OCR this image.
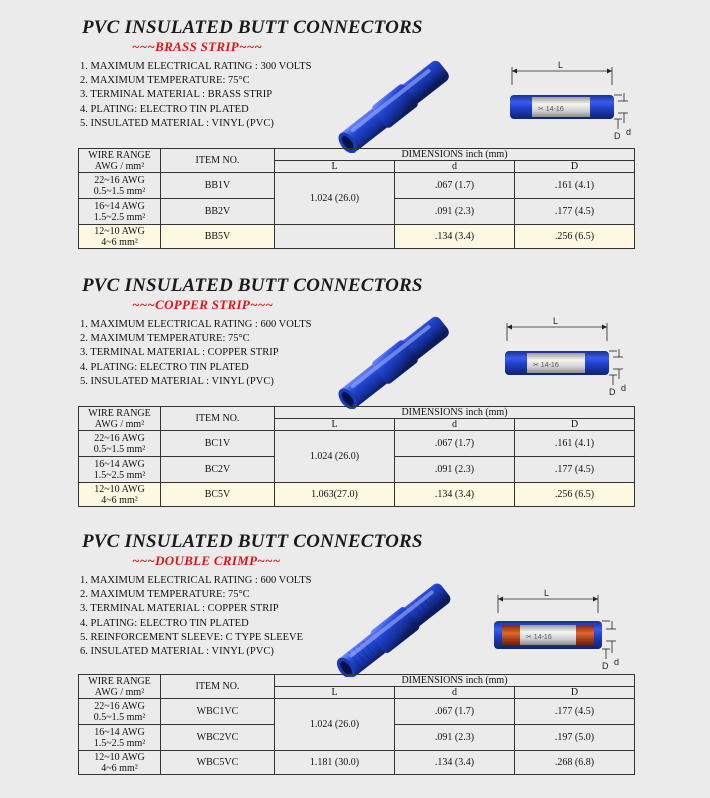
PVC INSULATED BUTT CONNECTORS
~~~BRASS STRIP~~~
1. MAXIMUM ELECTRICAL RATING : 300 VOLTS
2. MAXIMUM TEMPERATURE: 75°C
3. TERMINAL MATERIAL : BRASS STRIP
4. PLATING: ELECTRO TIN PLATED
5. INSULATED MATERIAL : VINYL (PVC)
L
✂ 14-16
D d
WIRE RANGE
AWG / mm²	ITEM NO.	DIMENSIONS inch (mm)		
		L	d	D
22~16 AWG
0.5~1.5 mm²	BB1V	1.024 (26.0)	.067 (1.7)	.161 (4.1)
16~14 AWG
1.5~2.5 mm²	BB2V		.091 (2.3)	.177 (4.5)
12~10 AWG
4~6 mm²	BB5V		.134 (3.4)	.256 (6.5)
PVC INSULATED BUTT CONNECTORS
~~~COPPER STRIP~~~
1. MAXIMUM ELECTRICAL RATING : 600 VOLTS
2. MAXIMUM TEMPERATURE: 75°C
3. TERMINAL MATERIAL : COPPER STRIP
4. PLATING: ELECTRO TIN PLATED
5. INSULATED MATERIAL : VINYL (PVC)
L
✂ 14-16
D d
WIRE RANGE
AWG / mm²	ITEM NO.	DIMENSIONS inch (mm)		
		L	d	D
22~16 AWG
0.5~1.5 mm²	BC1V	1.024 (26.0)	.067 (1.7)	.161 (4.1)
16~14 AWG
1.5~2.5 mm²	BC2V		.091 (2.3)	.177 (4.5)
12~10 AWG
4~6 mm²	BC5V	1.063(27.0)	.134 (3.4)	.256 (6.5)
PVC INSULATED BUTT CONNECTORS
~~~DOUBLE CRIMP~~~
1. MAXIMUM ELECTRICAL RATING : 600 VOLTS
2. MAXIMUM TEMPERATURE: 75°C
3. TERMINAL MATERIAL : COPPER STRIP
4. PLATING: ELECTRO TIN PLATED
5. REINFORCEMENT SLEEVE: C TYPE SLEEVE
6. INSULATED MATERIAL : VINYL (PVC)
L
✂ 14-16
D d
WIRE RANGE
AWG / mm²	ITEM NO.	DIMENSIONS inch (mm)		
		L	d	D
22~16 AWG
0.5~1.5 mm²	WBC1VC	1.024 (26.0)	.067 (1.7)	.177 (4.5)
16~14 AWG
1.5~2.5 mm²	WBC2VC		.091 (2.3)	.197 (5.0)
12~10 AWG
4~6 mm²	WBC5VC	1.181 (30.0)	.134 (3.4)	.268 (6.8)
